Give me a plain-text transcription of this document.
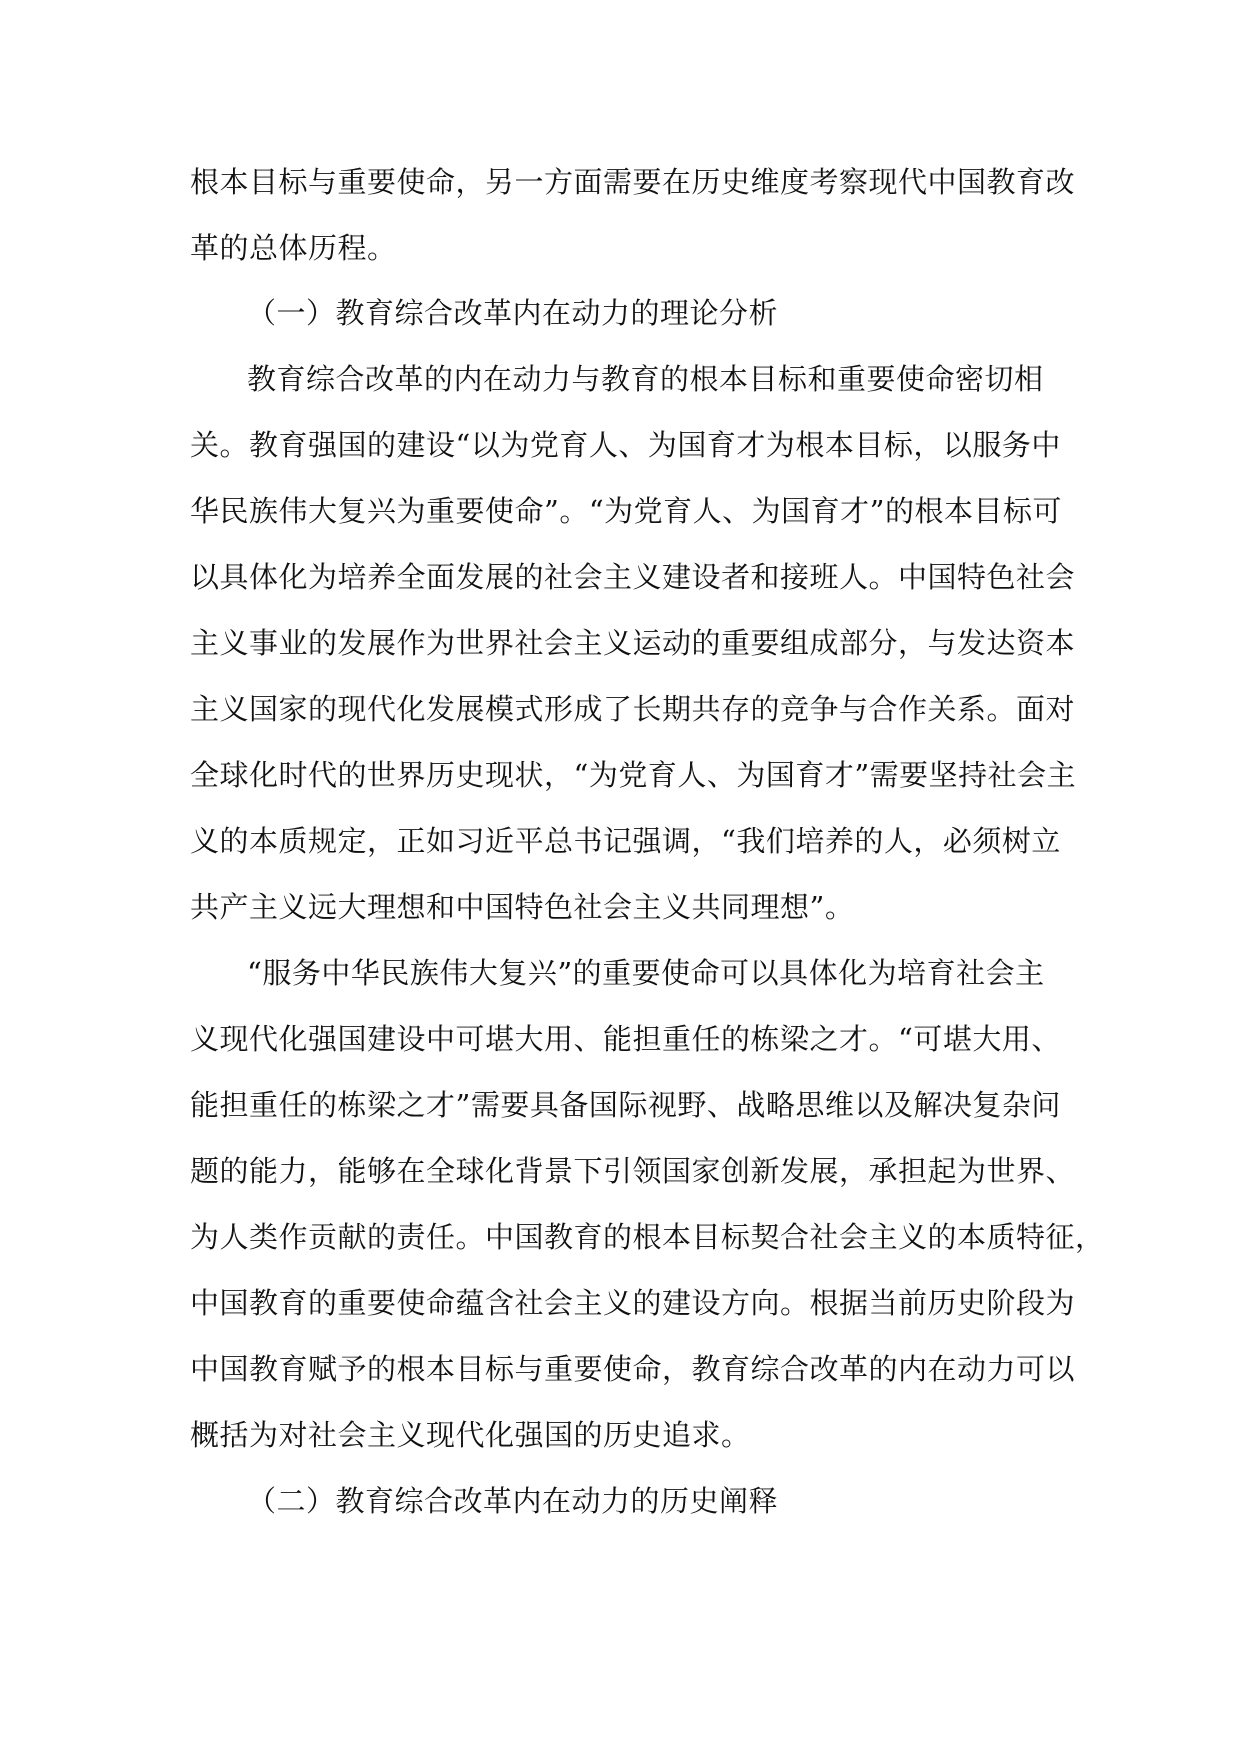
根本目标与重要使命，另一方面需要在历史维度考察现代中国教育改
革的总体历程。
（一）教育综合改革内在动力的理论分析
教育综合改革的内在动力与教育的根本目标和重要使命密切相
关。教育强国的建设“以为党育人、为国育才为根本目标，以服务中
华民族伟大复兴为重要使命”。“为党育人、为国育才”的根本目标可
以具体化为培养全面发展的社会主义建设者和接班人。中国特色社会
主义事业的发展作为世界社会主义运动的重要组成部分，与发达资本
主义国家的现代化发展模式形成了长期共存的竞争与合作关系。面对
全球化时代的世界历史现状，“为党育人、为国育才”需要坚持社会主
义的本质规定，正如习近平总书记强调，“我们培养的人，必须树立
共产主义远大理想和中国特色社会主义共同理想”。
“服务中华民族伟大复兴”的重要使命可以具体化为培育社会主
义现代化强国建设中可堪大用、能担重任的栋梁之才。“可堪大用、
能担重任的栋梁之才”需要具备国际视野、战略思维以及解决复杂问
题的能力，能够在全球化背景下引领国家创新发展，承担起为世界、
为人类作贡献的责任。中国教育的根本目标契合社会主义的本质特征，
中国教育的重要使命蕴含社会主义的建设方向。根据当前历史阶段为
中国教育赋予的根本目标与重要使命，教育综合改革的内在动力可以
概括为对社会主义现代化强国的历史追求。
（二）教育综合改革内在动力的历史阐释
